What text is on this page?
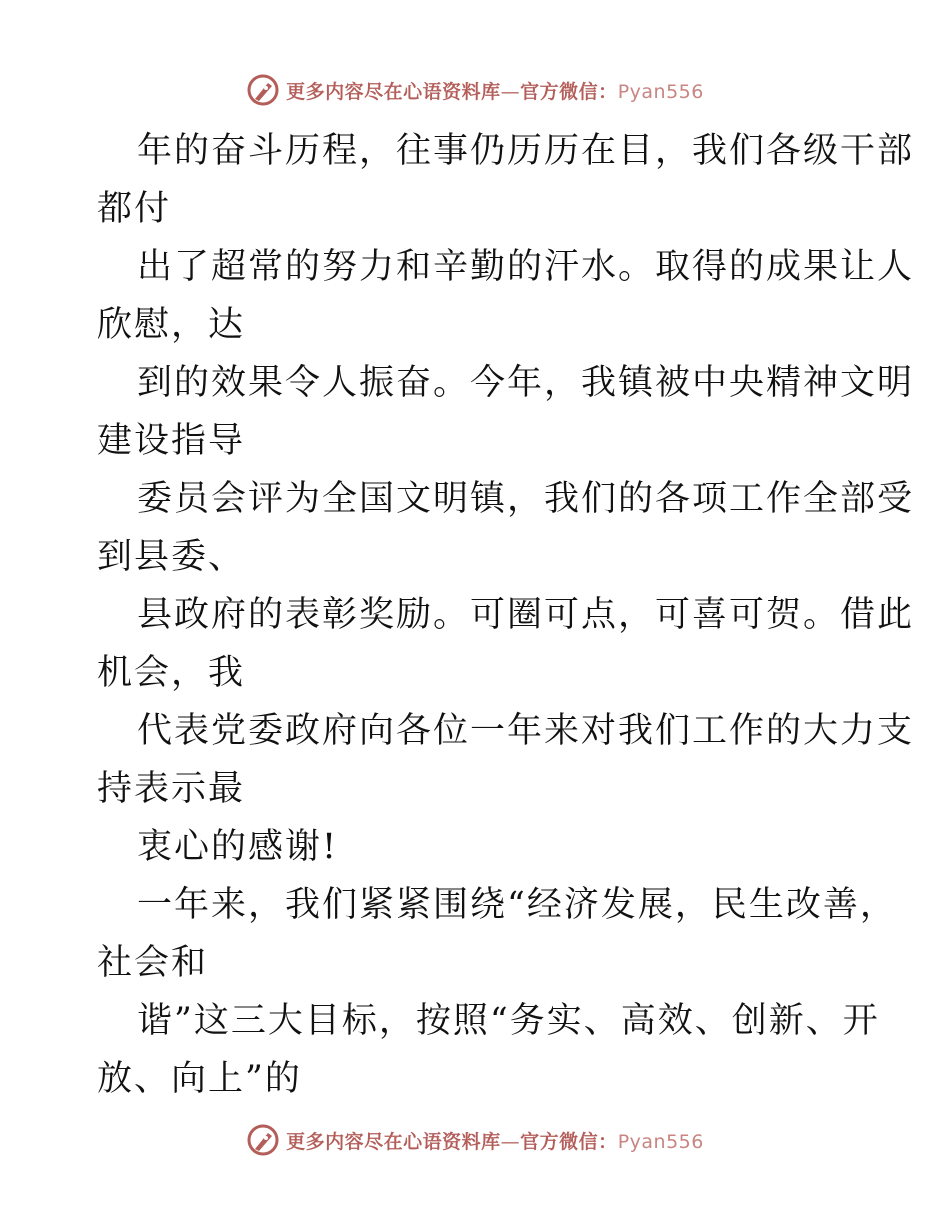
更多内容尽在心语资料库—官方微信：Pyan556

年的奋斗历程，往事仍历历在目，我们各级干部
都付

出了超常的努力和辛勤的汗水。取得的成果让人
欣慰，达

到的效果令人振奋。今年，我镇被中央精神文明
建设指导

委员会评为全国文明镇，我们的各项工作全部受
到县委、

县政府的表彰奖励。可圈可点，可喜可贺。借此
机会，我

代表党委政府向各位一年来对我们工作的大力支
持表示最

衷心的感谢!

一年来，我们紧紧围绕“经济发展，民生改善，
社会和

谐”这三大目标，按照“务实、高效、创新、开
放、向上”的

更多内容尽在心语资料库—官方微信：Pyan556
